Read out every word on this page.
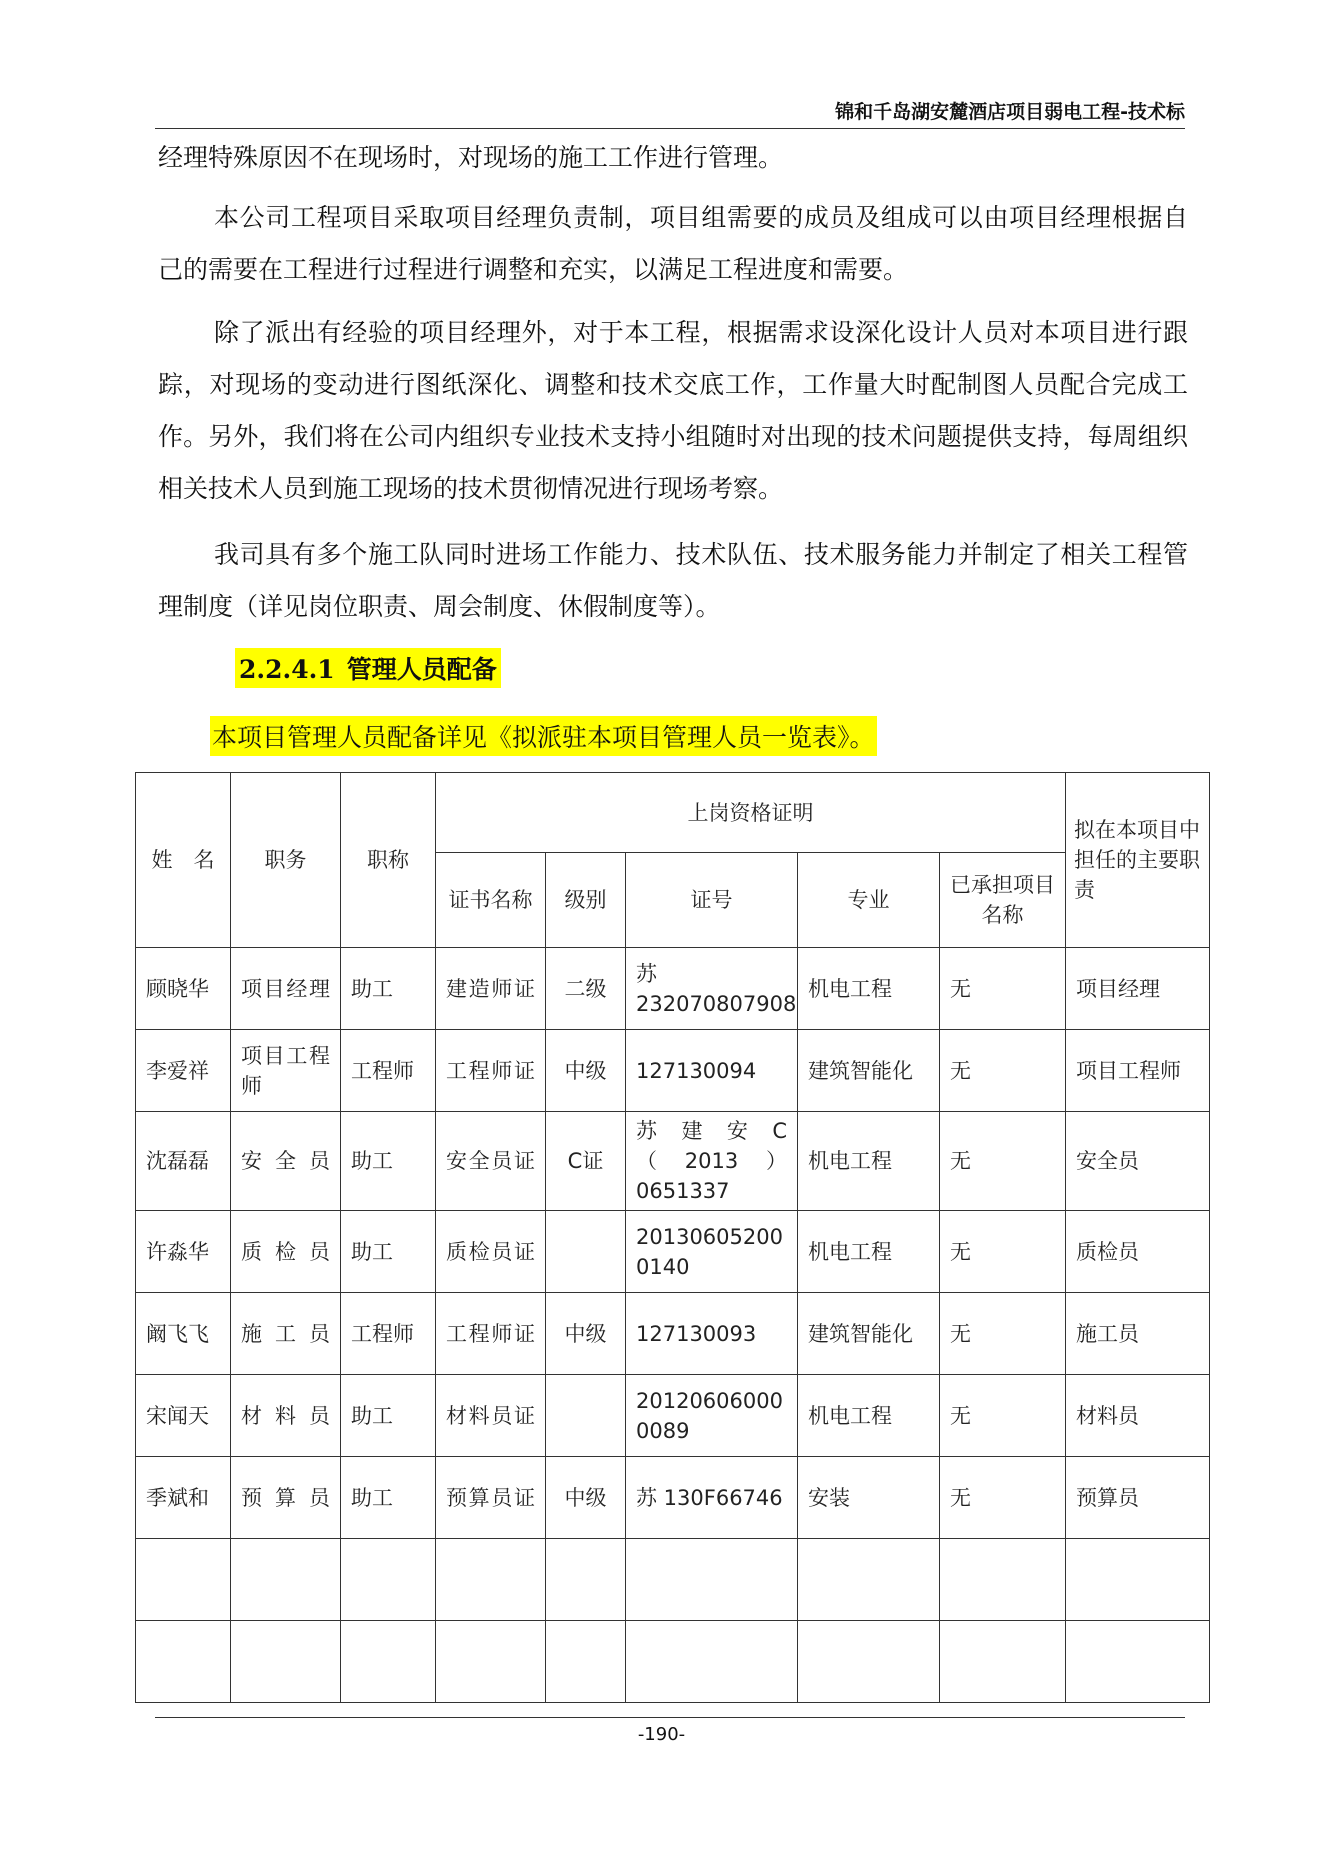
锦和千岛湖安麓酒店项目弱电工程-技术标

经理特殊原因不在现场时，对现场的施工工作进行管理。

本公司工程项目采取项目经理负责制，项目组需要的成员及组成可以由项目经理根据自己的需要在工程进行过程进行调整和充实，以满足工程进度和需要。

除了派出有经验的项目经理外，对于本工程，根据需求设深化设计人员对本项目进行跟踪，对现场的变动进行图纸深化、调整和技术交底工作，工作量大时配制图人员配合完成工作。另外，我们将在公司内组织专业技术支持小组随时对出现的技术问题提供支持，每周组织相关技术人员到施工现场的技术贯彻情况进行现场考察。

我司具有多个施工队同时进场工作能力、技术队伍、技术服务能力并制定了相关工程管理制度（详见岗位职责、周会制度、休假制度等）。

2.2.4.1 管理人员配备
本项目管理人员配备详见《拟派驻本项目管理人员一览表》。
姓　名	职务	职称	上岗资格证明					拟在本项目中担任的主要职责
			证书名称	级别	证号	专业	已承担项目名称	
顾晓华	项目经理	助工	建造师证	二级	苏 232070807908	机电工程	无	项目经理
李爱祥	项目工程师	工程师	工程师证	中级	127130094	建筑智能化	无	项目工程师
沈磊磊	安全员	助工	安全员证	C证	苏建安C（2013）0651337	机电工程	无	安全员
许淼华	质检员	助工	质检员证		201306052000140	机电工程	无	质检员
阚飞飞	施工员	工程师	工程师证	中级	127130093	建筑智能化	无	施工员
宋闻天	材料员	助工	材料员证		201206060000089	机电工程	无	材料员
季斌和	预算员	助工	预算员证	中级	苏 130F66746	安装	无	预算员

-190-
